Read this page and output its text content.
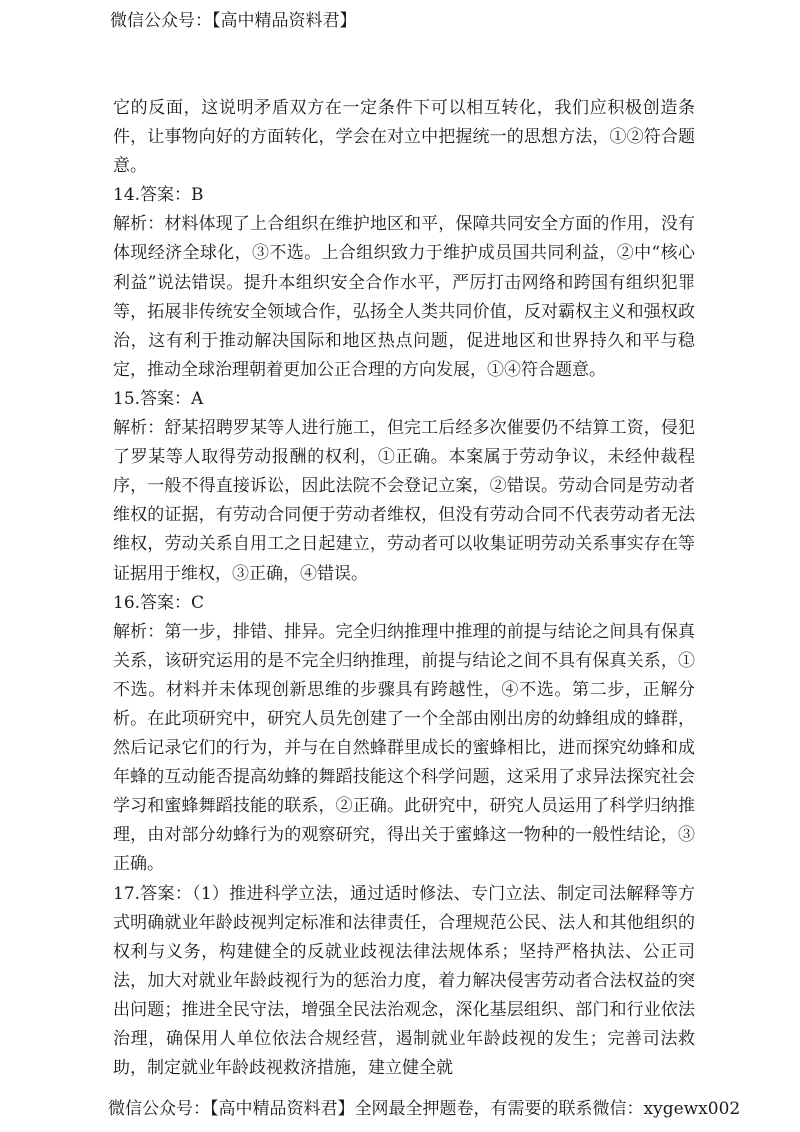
微信公众号：【高中精品资料君】

它的反面，这说明矛盾双方在一定条件下可以相互转化，我们应积极创造条件，让事物向好的方面转化，学会在对立中把握统一的思想方法，①②符合题意。

14.答案：B

解析：材料体现了上合组织在维护地区和平，保障共同安全方面的作用，没有体现经济全球化，③不选。上合组织致力于维护成员国共同利益，②中“核心利益”说法错误。提升本组织安全合作水平，严厉打击网络和跨国有组织犯罪等，拓展非传统安全领域合作，弘扬全人类共同价值，反对霸权主义和强权政治，这有利于推动解决国际和地区热点问题，促进地区和世界持久和平与稳定，推动全球治理朝着更加公正合理的方向发展，①④符合题意。

15.答案：A

解析：舒某招聘罗某等人进行施工，但完工后经多次催要仍不结算工资，侵犯了罗某等人取得劳动报酬的权利，①正确。本案属于劳动争议，未经仲裁程序，一般不得直接诉讼，因此法院不会登记立案，②错误。劳动合同是劳动者维权的证据，有劳动合同便于劳动者维权，但没有劳动合同不代表劳动者无法维权，劳动关系自用工之日起建立，劳动者可以收集证明劳动关系事实存在等证据用于维权，③正确，④错误。

16.答案：C

解析：第一步，排错、排异。完全归纳推理中推理的前提与结论之间具有保真关系，该研究运用的是不完全归纳推理，前提与结论之间不具有保真关系，①不选。材料并未体现创新思维的步骤具有跨越性，④不选。第二步，正解分析。在此项研究中，研究人员先创建了一个全部由刚出房的幼蜂组成的蜂群，然后记录它们的行为，并与在自然蜂群里成长的蜜蜂相比，进而探究幼蜂和成年蜂的互动能否提高幼蜂的舞蹈技能这个科学问题，这采用了求异法探究社会学习和蜜蜂舞蹈技能的联系，②正确。此研究中，研究人员运用了科学归纳推理，由对部分幼蜂行为的观察研究，得出关于蜜蜂这一物种的一般性结论，③正确。

17.答案：（1）推进科学立法，通过适时修法、专门立法、制定司法解释等方式明确就业年龄歧视判定标准和法律责任，合理规范公民、法人和其他组织的权利与义务，构建健全的反就业歧视法律法规体系；坚持严格执法、公正司法，加大对就业年龄歧视行为的惩治力度，着力解决侵害劳动者合法权益的突出问题；推进全民守法，增强全民法治观念，深化基层组织、部门和行业依法治理，确保用人单位依法合规经营，遏制就业年龄歧视的发生；完善司法救助，制定就业年龄歧视救济措施，建立健全就

微信公众号：【高中精品资料君】全网最全押题卷，有需要的联系微信：xygewx002
